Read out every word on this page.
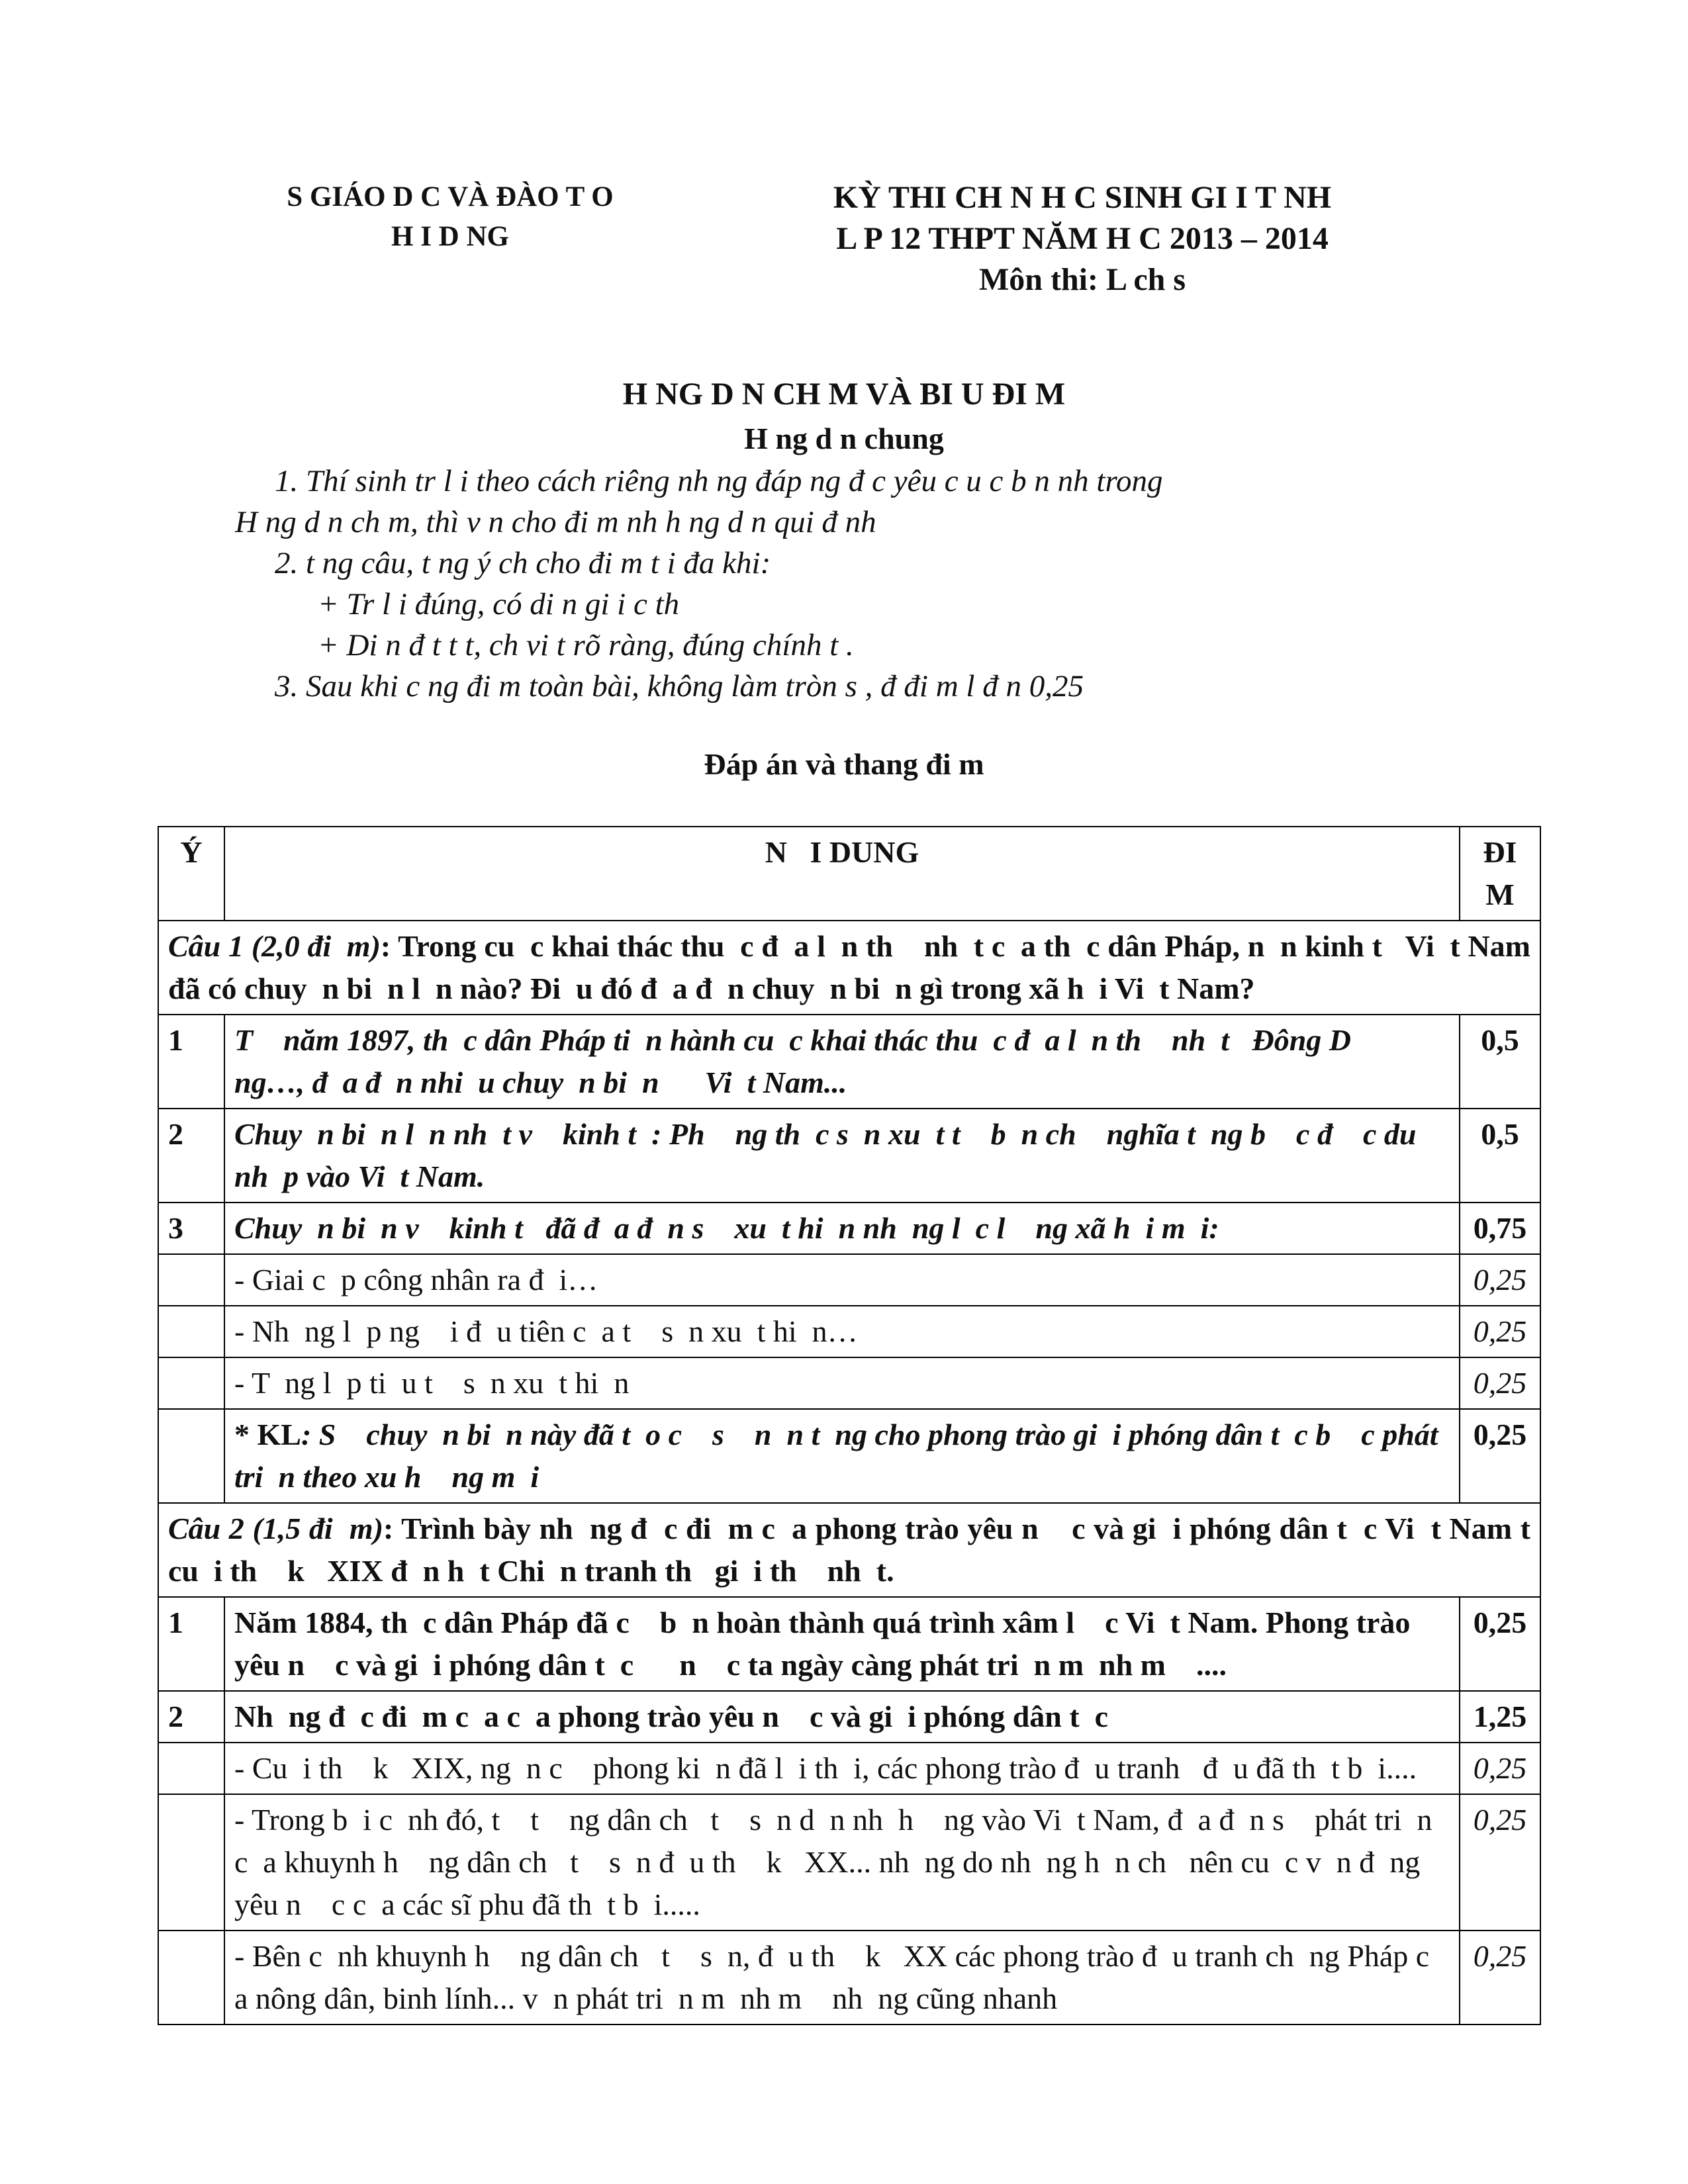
S GIÁO D C VÀ ĐÀO T O
H I D NG
KỲ THI CH N H C SINH GI I T NH
L P 12 THPT NĂM H C 2013 – 2014
Môn thi: L ch s
H NG D N CH M VÀ BI U ĐI M
H ng d n chung

1. Thí sinh tr l i theo cách riêng nh ng đáp ng đ c yêu c u c b n nh trong

H ng d n ch m, thì v n cho đi m nh h ng d n qui đ nh

2. t ng câu, t ng ý ch cho đi m t i đa khi:

+ Tr l i đúng, có di n gi i c th

+ Di n đ t t t, ch vi t rõ ràng, đúng chính t .

3. Sau khi c ng đi m toàn bài, không làm tròn s , đ đi m l đ n 0,25

Đáp án và thang đi m
Ý	N   I DUNG	ĐI  M
Câu 1 (2,0 đi  m): Trong cu  c khai thác thu  c đ  a l  n th    nh  t c  a th  c dân Pháp, n  n kinh t   Vi  t Nam đã có chuy  n bi  n l  n nào? Đi  u đó đ  a đ  n chuy  n bi  n gì trong xã h  i Vi  t Nam?		
1	T    năm 1897, th  c dân Pháp ti  n hành cu  c khai thác thu  c đ  a l  n th    nh  t   Đông D    ng…, đ  a đ  n nhi  u chuy  n bi  n      Vi  t Nam...	0,5
2	Chuy  n bi  n l  n nh  t v    kinh t  : Ph    ng th  c s  n xu  t t    b  n ch    nghĩa t  ng b    c đ    c du nh  p vào Vi  t Nam.	0,5
3	Chuy  n bi  n v    kinh t   đã đ  a đ  n s    xu  t hi  n nh  ng l  c l    ng xã h  i m  i:	0,75
	- Giai c  p công nhân ra đ  i…	0,25
	- Nh  ng l  p ng    i đ  u tiên c  a t    s  n xu  t hi  n…	0,25
	- T  ng l  p ti  u t    s  n xu  t hi  n	0,25
	* KL: S    chuy  n bi  n này đã t  o c    s    n  n t  ng cho phong trào gi  i phóng dân t  c b    c phát tri  n theo xu h    ng m  i	0,25
Câu 2 (1,5 đi  m): Trình bày nh  ng đ  c đi  m c  a phong trào yêu n    c và gi  i phóng dân t  c Vi  t Nam t    cu  i th    k   XIX đ  n h  t Chi  n tranh th   gi  i th    nh  t.		
1	Năm 1884, th  c dân Pháp đã c    b  n hoàn thành quá trình xâm l    c Vi  t Nam. Phong trào yêu n    c và gi  i phóng dân t  c      n    c ta ngày càng phát tri  n m  nh m    ....	0,25
2	Nh  ng đ  c đi  m c  a c  a phong trào yêu n    c và gi  i phóng dân t  c	1,25
	- Cu  i th    k   XIX, ng  n c    phong ki  n đã l  i th  i, các phong trào đ  u tranh   đ  u đã th  t b  i....	0,25
	- Trong b  i c  nh đó, t    t    ng dân ch   t    s  n d  n nh  h    ng vào Vi  t Nam, đ  a đ  n s    phát tri  n c  a khuynh h    ng dân ch   t    s  n đ  u th    k   XX... nh  ng do nh  ng h  n ch   nên cu  c v  n đ  ng yêu n    c c  a các sĩ phu đã th  t b  i.....	0,25
	- Bên c  nh khuynh h    ng dân ch   t    s  n, đ  u th    k   XX các phong trào đ  u tranh ch  ng Pháp c  a nông dân, binh lính... v  n phát tri  n m  nh m    nh  ng cũng nhanh	0,25
